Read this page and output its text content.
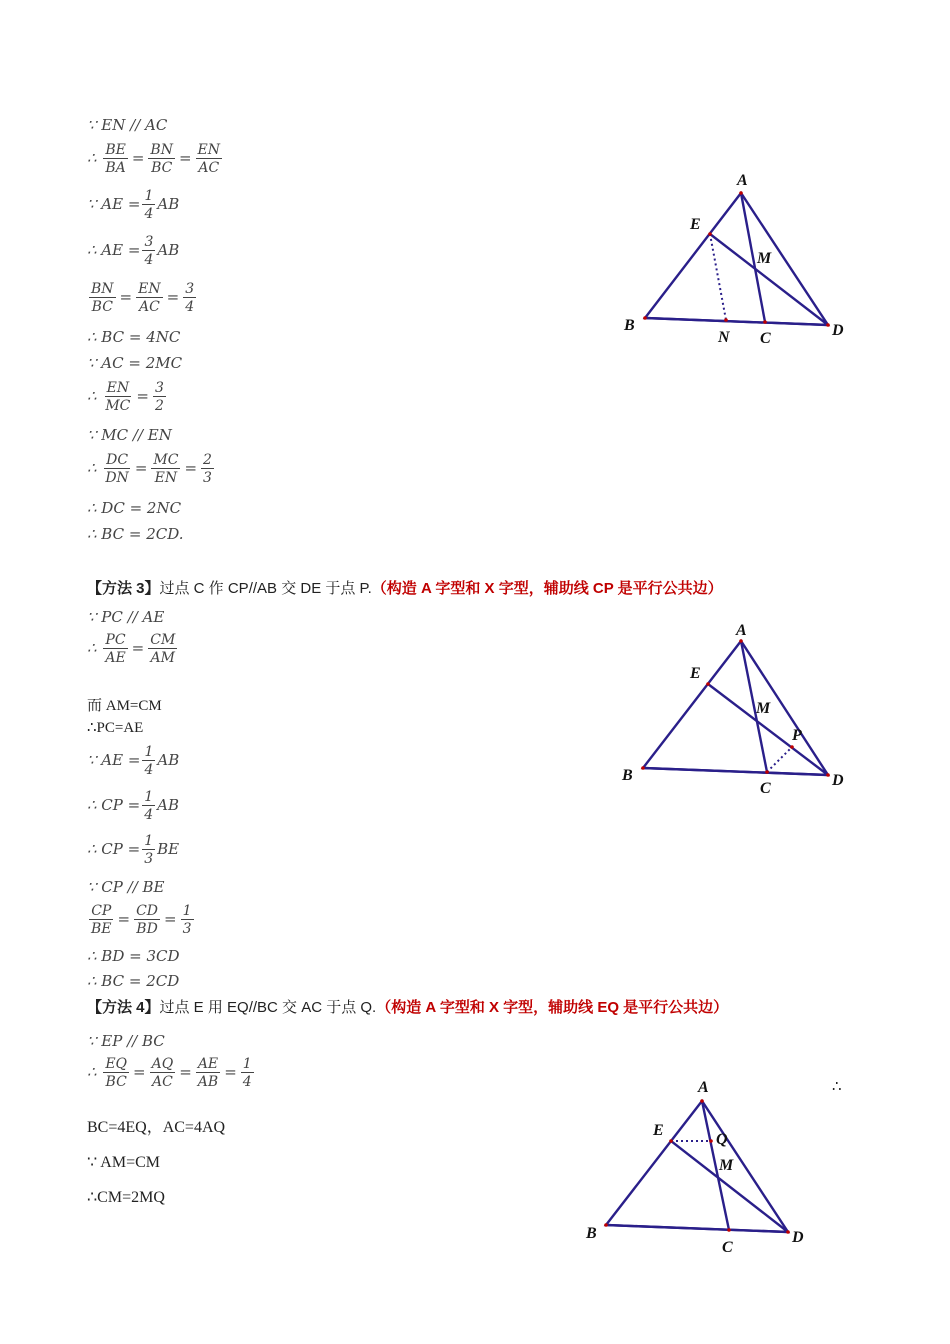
∵ EN // AC
∴ $\frac{BE}{BA} = \frac{BN}{BC} = \frac{EN}{AC}$
∵ AE = $\frac{1}{4}$ AB
∴ AE = $\frac{3}{4}$ AB
$\frac{BN}{BC} = \frac{EN}{AC} = \frac{3}{4}$
∴ BC = 4NC
∵ AC = 2MC
∴ $\frac{EN}{MC} = \frac{3}{2}$
∵ MC // EN
∴ $\frac{DC}{DN} = \frac{MC}{EN} = \frac{2}{3}$
∴ DC = 2NC
∴ BC = 2CD.
A
E
M
B
N C	D
【方法 3】过点 C 作 CP//AB 交 DE 于点 P.（构造 A 字型和 X 字型，辅助线 CP 是平行公共边）
∵ PC // AE
∴ $\frac{PC}{AE} = \frac{CM}{AM}$
而 AM=CM
∴PC=AE
∵ AE = $\frac{1}{4}$ AB
∴ CP = $\frac{1}{4}$ AB
∴ CP = $\frac{1}{3}$ BE
∵ CP // BE
$\frac{CP}{BE} = \frac{CD}{BD} = \frac{1}{3}$
∴ BD = 3CD
∴ BC = 2CD
A
E
M
P
B
C	D
【方法 4】过点 E 用 EQ//BC 交 AC 于点 Q.（构造 A 字型和 X 字型，辅助线 EQ 是平行公共边）
∵ EP // BC
∴ $\frac{EQ}{BC} = \frac{AQ}{AC} = \frac{AE}{AB} = \frac{1}{4}$	∴
BC=4EQ，AC=4AQ
∵ AM=CM
∴CM=2MQ
A
E
Q
M
B
C
D
